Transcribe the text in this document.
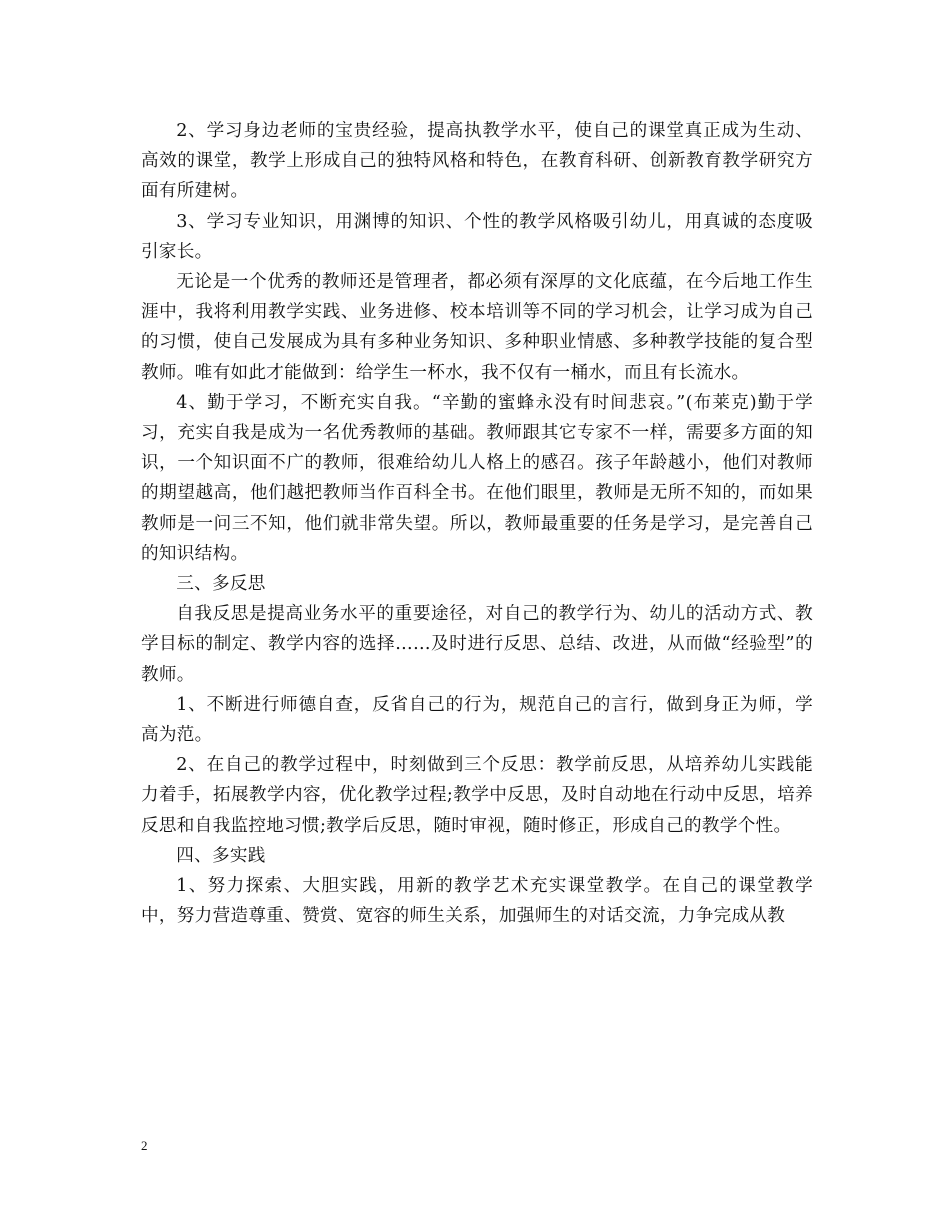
2、学习身边老师的宝贵经验，提高执教学水平，使自己的课堂真正成为生动、高效的课堂，教学上形成自己的独特风格和特色，在教育科研、创新教育教学研究方面有所建树。

3、学习专业知识，用渊博的知识、个性的教学风格吸引幼儿，用真诚的态度吸引家长。

无论是一个优秀的教师还是管理者，都必须有深厚的文化底蕴，在今后地工作生涯中，我将利用教学实践、业务进修、校本培训等不同的学习机会，让学习成为自己的习惯，使自己发展成为具有多种业务知识、多种职业情感、多种教学技能的复合型教师。唯有如此才能做到：给学生一杯水，我不仅有一桶水，而且有长流水。

4、勤于学习，不断充实自我。“辛勤的蜜蜂永没有时间悲哀。”(布莱克)勤于学习，充实自我是成为一名优秀教师的基础。教师跟其它专家不一样，需要多方面的知识，一个知识面不广的教师，很难给幼儿人格上的感召。孩子年龄越小，他们对教师的期望越高，他们越把教师当作百科全书。在他们眼里，教师是无所不知的，而如果教师是一问三不知，他们就非常失望。所以，教师最重要的任务是学习，是完善自己的知识结构。

三、多反思

自我反思是提高业务水平的重要途径，对自己的教学行为、幼儿的活动方式、教学目标的制定、教学内容的选择……及时进行反思、总结、改进，从而做“经验型”的教师。

1、不断进行师德自查，反省自己的行为，规范自己的言行，做到身正为师，学高为范。

2、在自己的教学过程中，时刻做到三个反思：教学前反思，从培养幼儿实践能力着手，拓展教学内容，优化教学过程;教学中反思，及时自动地在行动中反思，培养反思和自我监控地习惯;教学后反思，随时审视，随时修正，形成自己的教学个性。

四、多实践

1、努力探索、大胆实践，用新的教学艺术充实课堂教学。在自己的课堂教学中，努力营造尊重、赞赏、宽容的师生关系，加强师生的对话交流，力争完成从教

2
